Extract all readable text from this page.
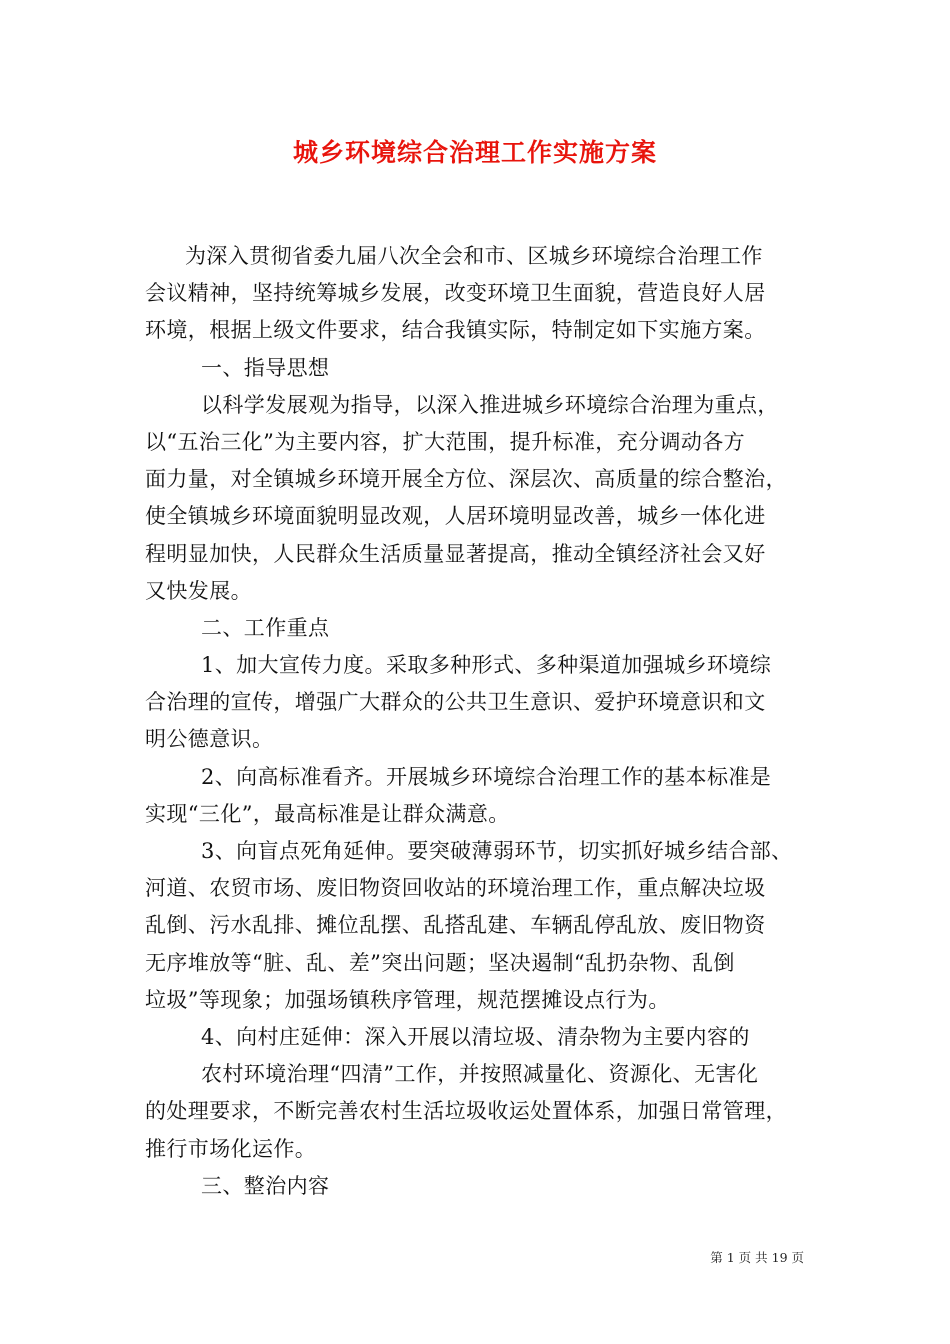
城乡环境综合治理工作实施方案
为深入贯彻省委九届八次全会和市、区城乡环境综合治理工作
会议精神，坚持统筹城乡发展，改变环境卫生面貌，营造良好人居
环境，根据上级文件要求，结合我镇实际，特制定如下实施方案。
一、指导思想
以科学发展观为指导，以深入推进城乡环境综合治理为重点，
以“五治三化”为主要内容，扩大范围，提升标准，充分调动各方
面力量，对全镇城乡环境开展全方位、深层次、高质量的综合整治，
使全镇城乡环境面貌明显改观，人居环境明显改善，城乡一体化进
程明显加快，人民群众生活质量显著提高，推动全镇经济社会又好
又快发展。
二、工作重点
1、加大宣传力度。采取多种形式、多种渠道加强城乡环境综
合治理的宣传，增强广大群众的公共卫生意识、爱护环境意识和文
明公德意识。
2、向高标准看齐。开展城乡环境综合治理工作的基本标准是
实现“三化”，最高标准是让群众满意。
3、向盲点死角延伸。要突破薄弱环节，切实抓好城乡结合部、
河道、农贸市场、废旧物资回收站的环境治理工作，重点解决垃圾
乱倒、污水乱排、摊位乱摆、乱搭乱建、车辆乱停乱放、废旧物资
无序堆放等“脏、乱、差”突出问题；坚决遏制“乱扔杂物、乱倒
垃圾”等现象；加强场镇秩序管理，规范摆摊设点行为。
4、向村庄延伸：深入开展以清垃圾、清杂物为主要内容的
农村环境治理“四清”工作，并按照减量化、资源化、无害化
的处理要求，不断完善农村生活垃圾收运处置体系，加强日常管理，
推行市场化运作。
三、整治内容
第 1 页 共 19 页
